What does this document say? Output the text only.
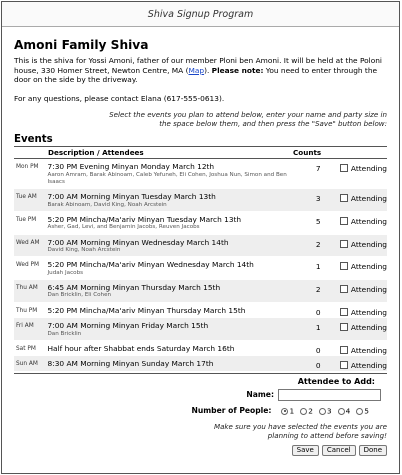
Shiva Signup Program
Amoni Family Shiva

This is the shiva for Yossi Amoni, father of our member Ploni ben Amoni. It will be held at the Poloni house, 330 Homer Street, Newton Centre, MA (Map). Please note: You need to enter through the door on the side by the driveway.

For any questions, please contact Elana (617-555-0613).

Select the events you plan to attend below, enter your name and party size in the space below them, and then press the "Save" button below:

Events
Description / Attendees	Counts
Mon PM	7:30 PM Evening Minyan Monday March 12th
Aaron Amram, Barak Abinoam, Caleb Yefuneh, Eli Cohen, Joshua Nun, Simon and Ben Isaacs
7	Attending
Tue AM	7:00 AM Morning Minyan Tuesday March 13th
Barak Abinoam, David King, Noah Arcstein
3	Attending
Tue PM	5:20 PM Mincha/Ma'ariv Minyan Tuesday March 13th
Asher, Gad, Levi, and Benjamin Jacobs, Reuven Jacobs
5	Attending
Wed AM	7:00 AM Morning Minyan Wednesday March 14th
David King, Noah Arcstein
2	Attending
Wed PM	5:20 PM Mincha/Ma'ariv Minyan Wednesday March 14th
Judah Jacobs
1	Attending
Thu AM	6:45 AM Morning Minyan Thursday March 15th
Dan Bricklin, Eli Cohen
2	Attending
Thu PM	5:20 PM Mincha/Ma'ariv Minyan Thursday March 15th	0	Attending
Fri AM	7:00 AM Morning Minyan Friday March 15th
Dan Bricklin
1	Attending
Sat PM	Half hour after Shabbat ends Saturday March 16th	0	Attending
Sun AM	8:30 AM Morning Minyan Sunday March 17th	0	Attending
Attendee to Add:
Name:
Number of People:	1 2 3 4 5

Make sure you have selected the events you are planning to attend before saving!

Save	Cancel	Done
